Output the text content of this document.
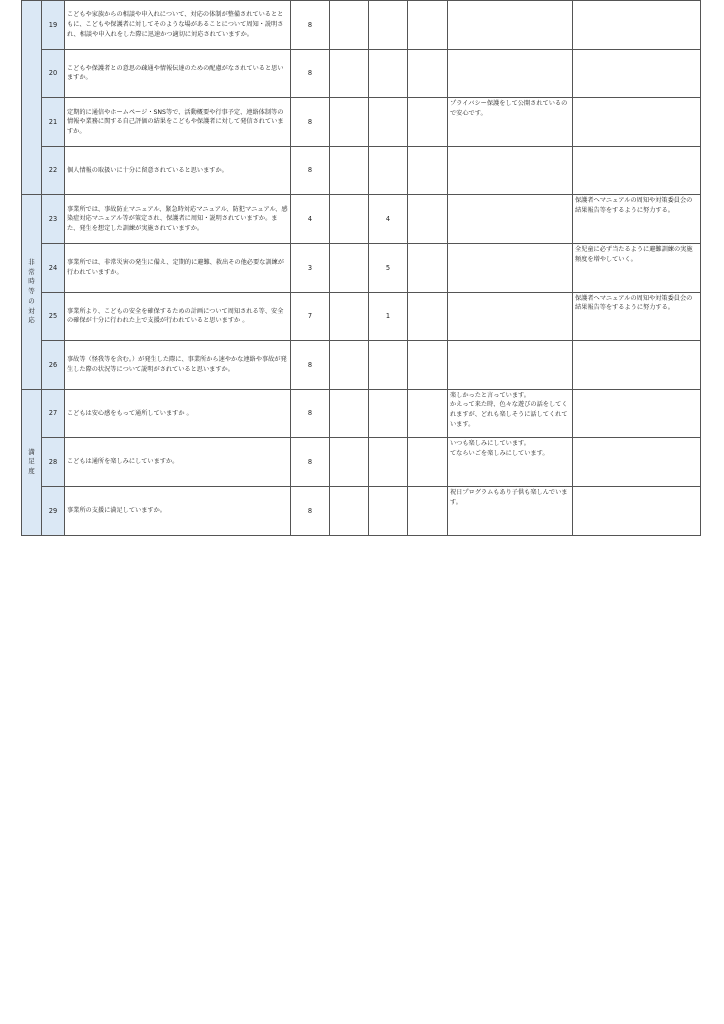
	19	こどもや家族からの相談や申入れについて、対応の体制が整備されているとともに、こどもや保護者に対してそのような場があることについて周知・説明され、相談や申入れをした際に迅速かつ適切に対応されていますか。	8				

	20	こどもや保護者との意思の疎通や情報伝達のための配慮がなされていると思いますか。	8				

	21	定期的に通信やホームページ・SNS等で、活動概要や行事予定、連絡体制等の情報や業務に関する自己評価の結果をこどもや保護者に対して発信されていますか。	8				プライバシー保護をして公開されているので安心です。	

	22	個人情報の取扱いに十分に留意されていると思いますか。	8				

非常時等の対応	23	事業所では、事故防止マニュアル、緊急時対応マニュアル、防犯マニュアル、感染症対応マニュアル等が策定され、保護者に周知・説明されていますか。また、発生を想定した訓練が実施されていますか。	4		4			保護者へマニュアルの周知や対策委員会の結果報告等をするように努力する。

	24	事業所では、非常災害の発生に備え、定期的に避難、救出その他必要な訓練が行われていますか。	3		5			全児童に必ず当たるように避難訓練の実施頻度を増やしていく。

	25	事業所より、こどもの安全を確保するための計画について周知される等、安全の確保が十分に行われた上で支援が行われていると思いますか 。	7		1			保護者へマニュアルの周知や対策委員会の結果報告等をするように努力する。

	26	事故等（怪我等を含む。）が発生した際に、事業所から速やかな連絡や事故が発生した際の状況等について説明がされていると思いますか。	8				

満足度	27	こどもは安心感をもって通所していますか 。	8				楽しかったと言っています。
かえって来た時、色々な遊びの話をしてくれますが、どれも楽しそうに話してくれています。	

	28	こどもは通所を楽しみにしていますか。	8				いつも楽しみにしています。
てならいごを楽しみにしています。	

	29	事業所の支援に満足していますか。	8				祝日プログラムもあり子供も楽しんでいます。	
